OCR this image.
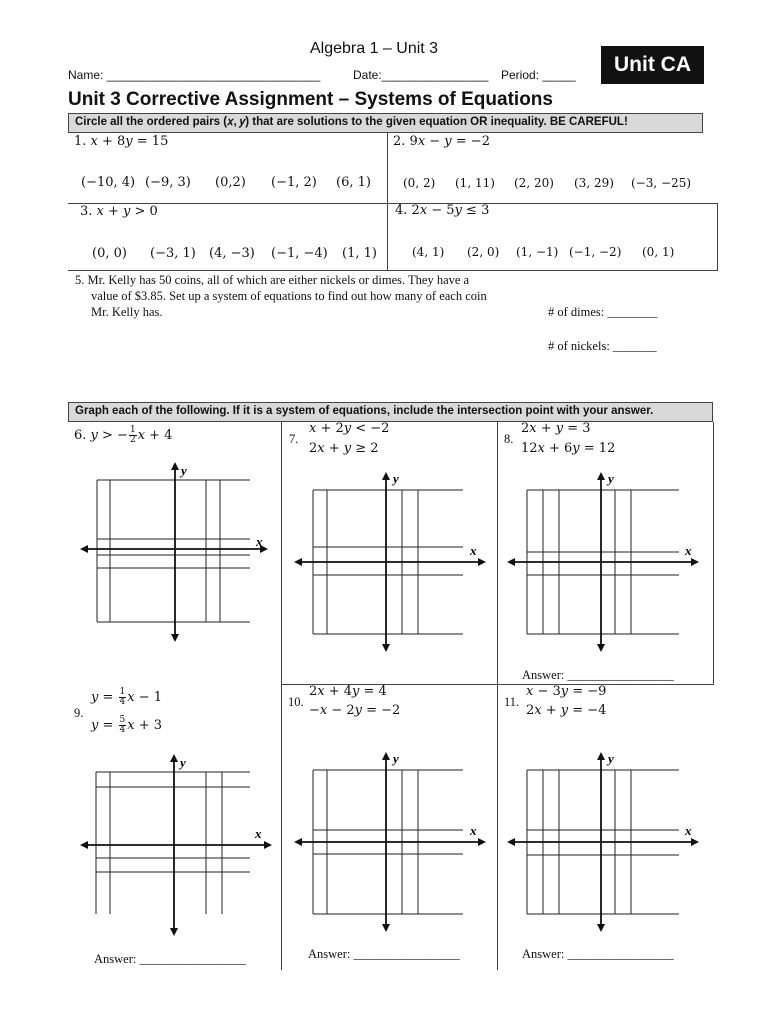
Algebra 1 – Unit 3
Name: ________________________________	Date:________________ Period: _____	Unit CA
Unit 3 Corrective Assignment – Systems of Equations
Circle all the ordered pairs (𝑥, 𝑦) that are solutions to the given equation OR inequality. BE CAREFUL!
1. 𝑥 + 8𝑦 = 15
(−10, 4) (−9, 3) (0,2) (−1, 2) (6, 1)
2. 9𝑥 − 𝑦 = −2
(0, 2) (1, 11) (2, 20) (3, 29) (−3, −25)
3. 𝑥 + 𝑦 > 0
(0, 0) (−3, 1) (4, −3) (−1, −4) (1, 1)
4. 2𝑥 − 5𝑦 ≤ 3
(4, 1) (2, 0) (1, −1) (−1, −2) (0, 1)
5. Mr. Kelly has 50 coins, all of which are either nickels or dimes. They have a
value of $3.85. Set up a system of equations to find out how many of each coin
Mr. Kelly has.	# of dimes: ________
# of nickels: _______
Graph each of the following. If it is a system of equations, include the intersection point with your answer.
6. 𝑦 > − $\frac{1}{2}$ 𝑥 + 4	7.
𝑥 + 2𝑦 < −2
2𝑥 + 𝑦 ≥ 2
8.
2𝑥 + 𝑦 = 3
12𝑥 + 6𝑦 = 12
Answer: _________________
9.
𝑦 = $\frac{1}{4}$ 𝑥 − 1
𝑦 = $\frac{5}{4}$ 𝑥 + 3
Answer: _________________
10.
2𝑥 + 4𝑦 = 4
−𝑥 − 2𝑦 = −2
Answer: _________________
11.
𝑥 − 3𝑦 = −9
2𝑥 + 𝑦 = −4
Answer: _________________
x
y
x
y
x
y
x
y
x
y
x
y
